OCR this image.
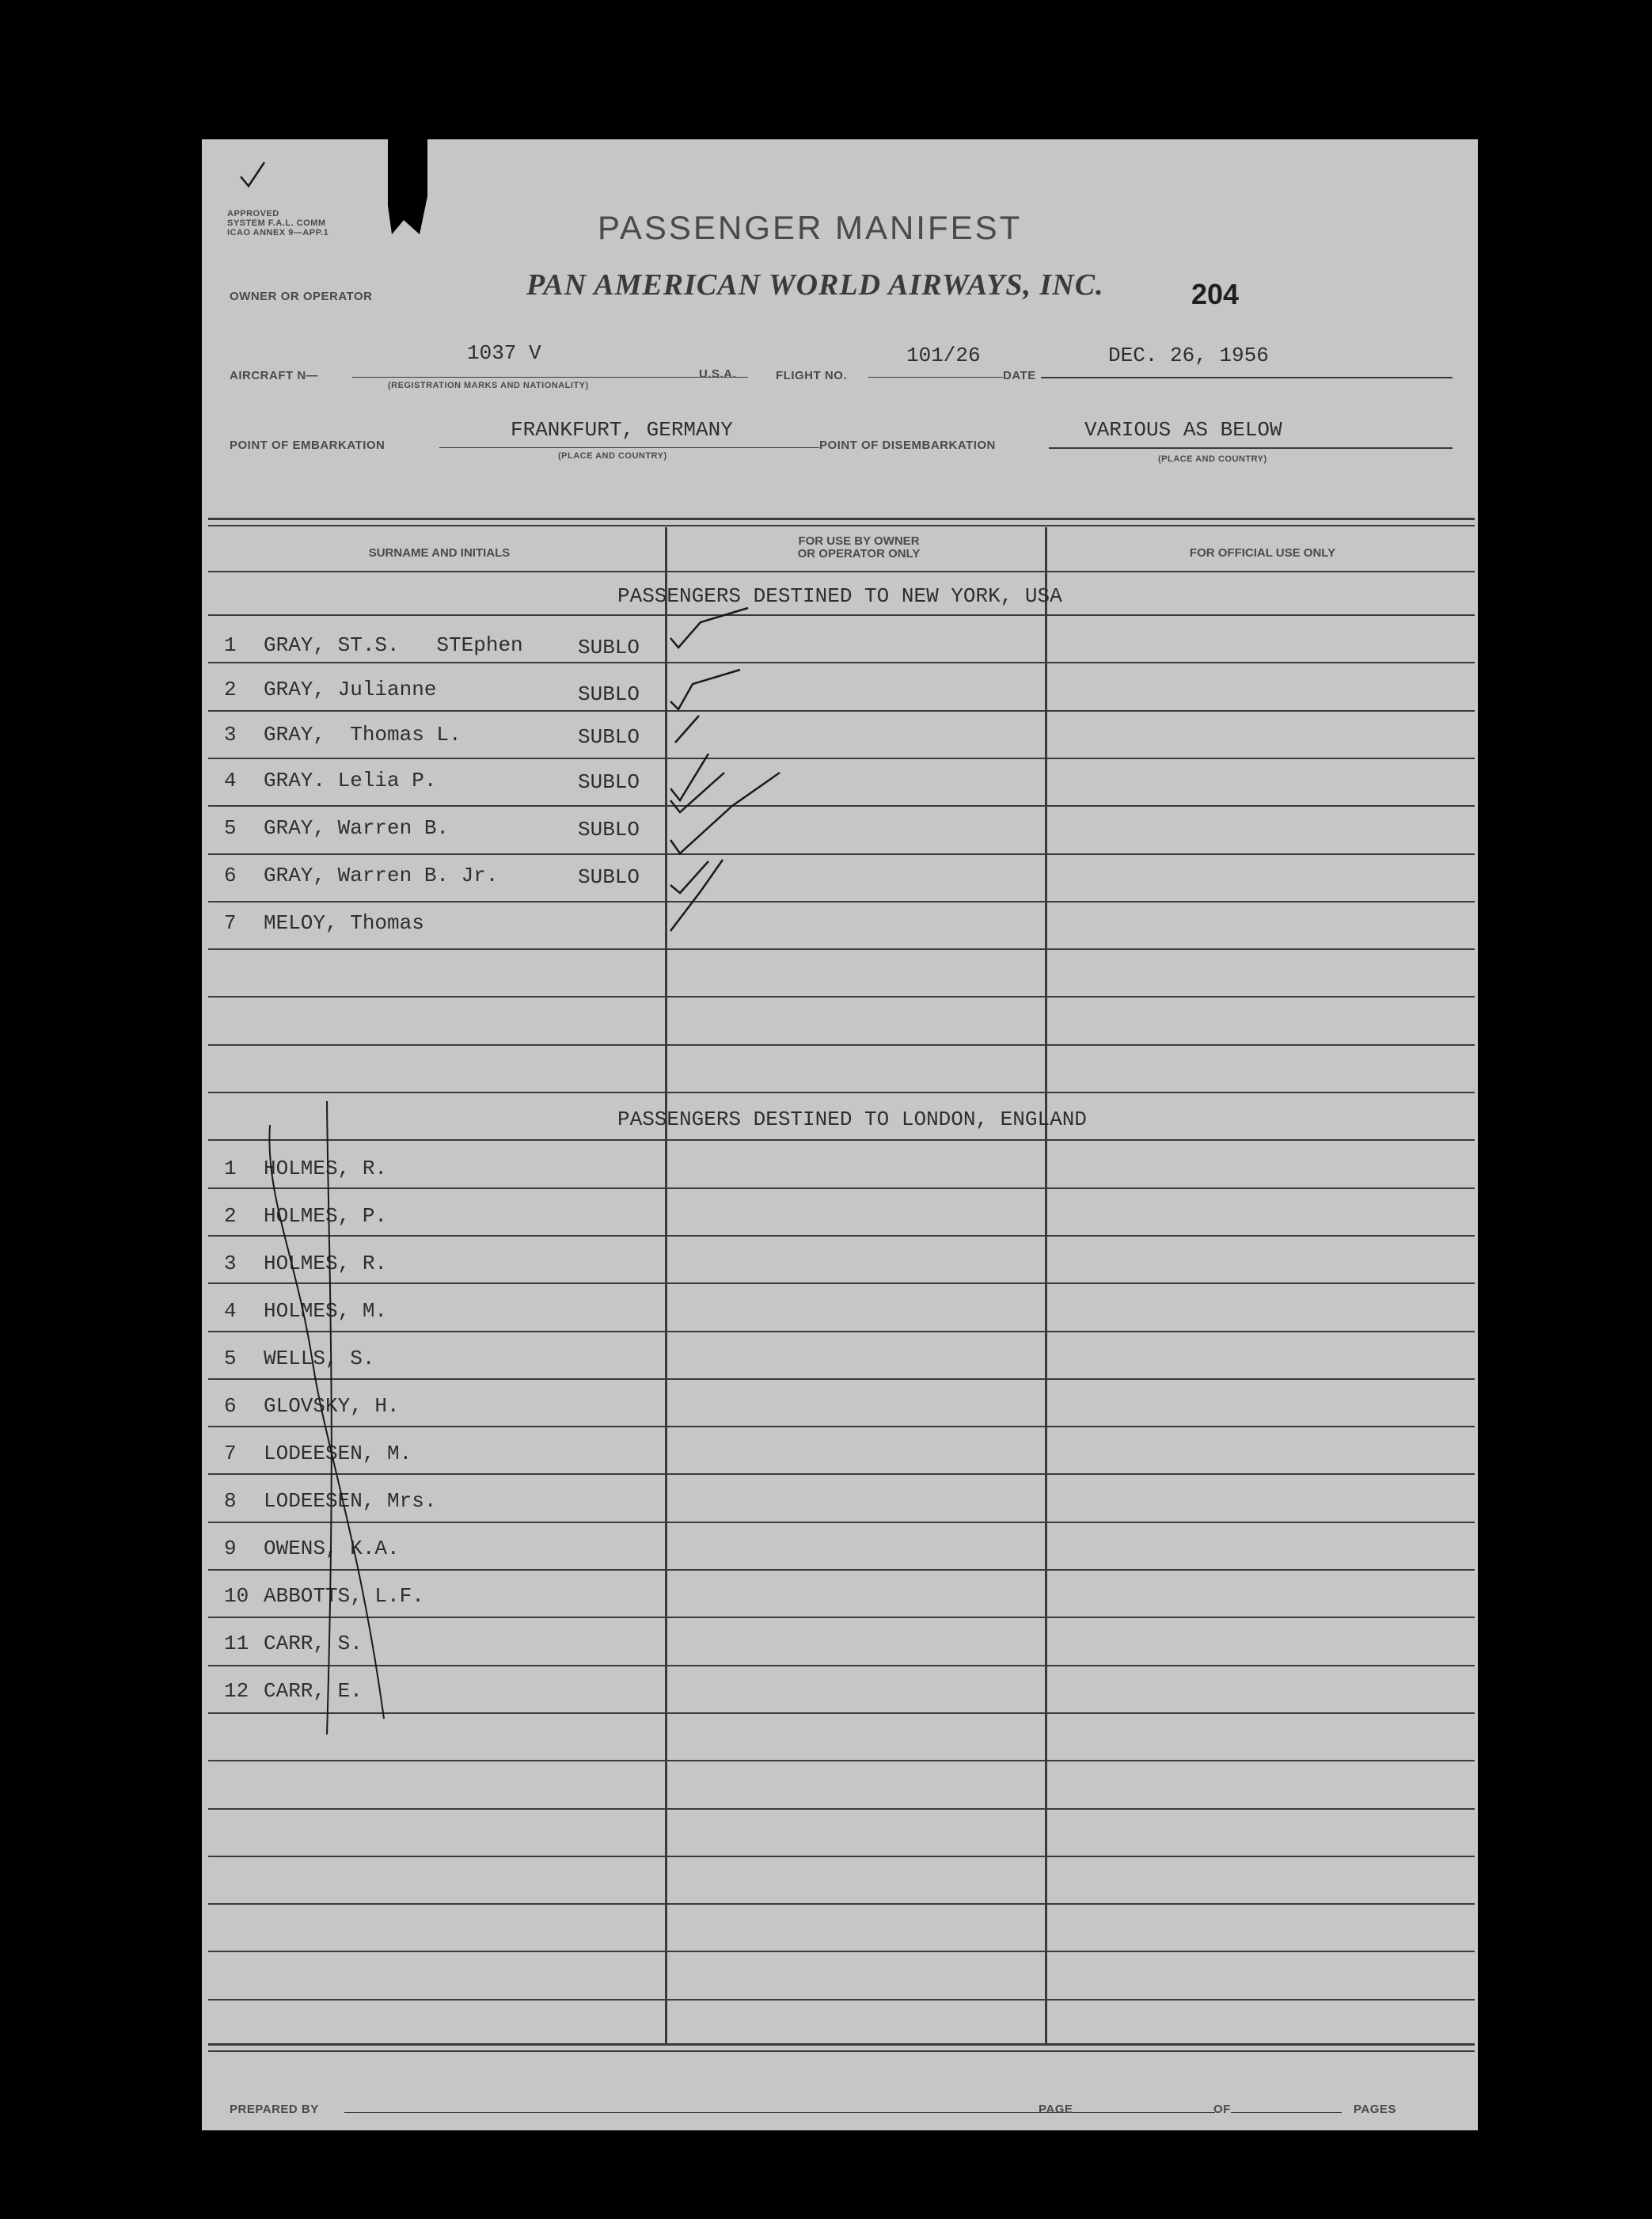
APPROVED
SYSTEM F.A.L. COMM
ICAO ANNEX 9—APP.1	PASSENGER MANIFEST
OWNER OR OPERATOR	PAN AMERICAN WORLD AIRWAYS, INC.	204
AIRCRAFT N—
1037 V
(REGISTRATION MARKS AND NATIONALITY)
U.S.A.	FLIGHT NO.
101/26
DATE
DEC. 26, 1956
POINT OF EMBARKATION
FRANKFURT, GERMANY
(PLACE AND COUNTRY)
POINT OF DISEMBARKATION
VARIOUS AS BELOW
(PLACE AND COUNTRY)
SURNAME AND INITIALS
FOR USE BY OWNER
OR OPERATOR ONLY	FOR OFFICIAL USE ONLY
PASSENGERS DESTINED TO NEW YORK, USA
PASSENGERS DESTINED TO LONDON, ENGLAND
1 GRAY, ST.S.   STEphen	SUBLO
2 GRAY, Julianne	SUBLO
3 GRAY,  Thomas L.	SUBLO
4 GRAY. Lelia P.	SUBLO
5 GRAY, Warren B.	SUBLO
6 GRAY, Warren B. Jr.	SUBLO
7 MELOY, Thomas
1 HOLMES, R.
2 HOLMES, P.
3 HOLMES, R.
4 HOLMES, M.
5 WELLS, S.
6 GLOVSKY, H.
7 LODEESEN, M.
8 LODEESEN, Mrs.
9 OWENS, K.A.
10 ABBOTTS, L.F.
11 CARR, S.
12 CARR, E.
PREPARED BY	PAGE	OF	PAGES
